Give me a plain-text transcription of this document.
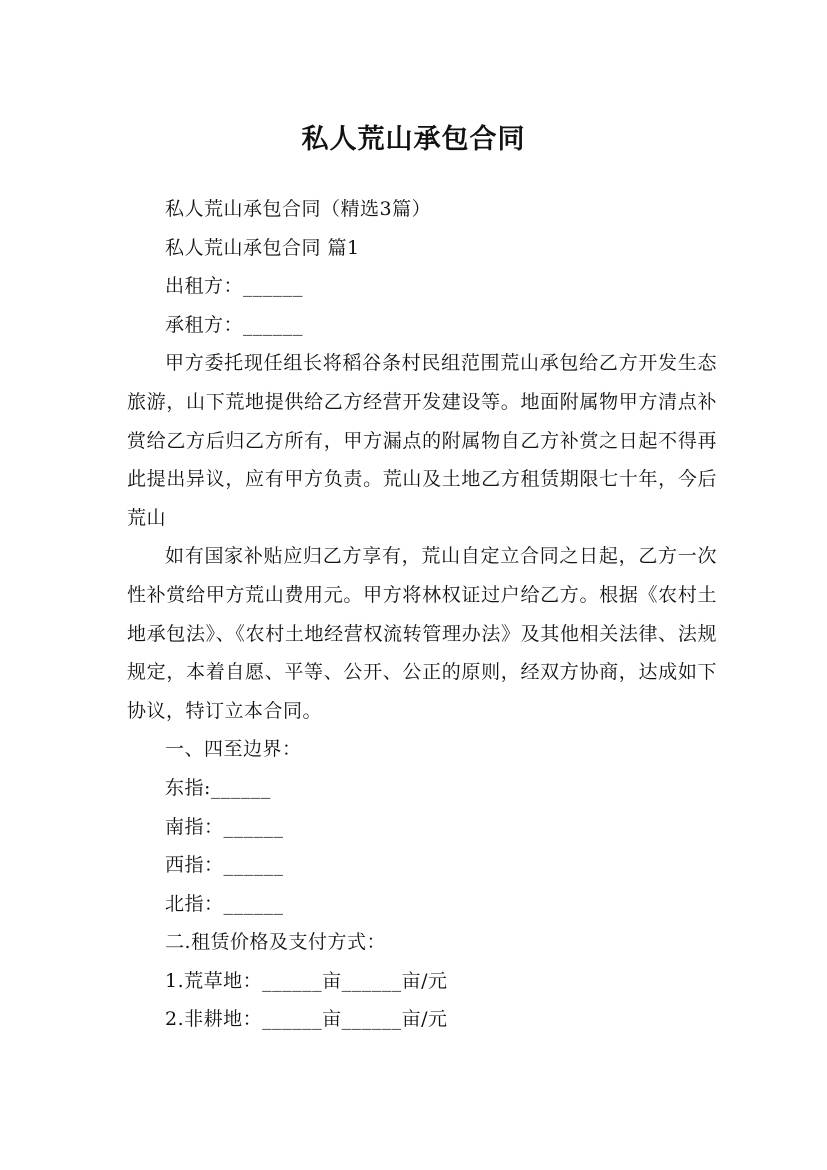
私人荒山承包合同

私人荒山承包合同（精选3篇）

私人荒山承包合同 篇1

出租方：______

承租方：______

甲方委托现任组长将稻谷条村民组范围荒山承包给乙方开发生态旅游，山下荒地提供给乙方经营开发建设等。地面附属物甲方清点补赏给乙方后归乙方所有，甲方漏点的附属物自乙方补赏之日起不得再此提出异议，应有甲方负责。荒山及土地乙方租赁期限七十年，今后荒山

如有国家补贴应归乙方享有，荒山自定立合同之日起，乙方一次性补赏给甲方荒山费用元。甲方将林权证过户给乙方。根据《农村土地承包法》、《农村土地经营权流转管理办法》及其他相关法律、法规规定，本着自愿、平等、公开、公正的原则，经双方协商，达成如下协议，特订立本合同。

一、四至边界：

东指:______

南指：______

西指：______

北指：______

二.租赁价格及支付方式：

1.荒草地：______亩______亩/元

2.非耕地：______亩______亩/元
